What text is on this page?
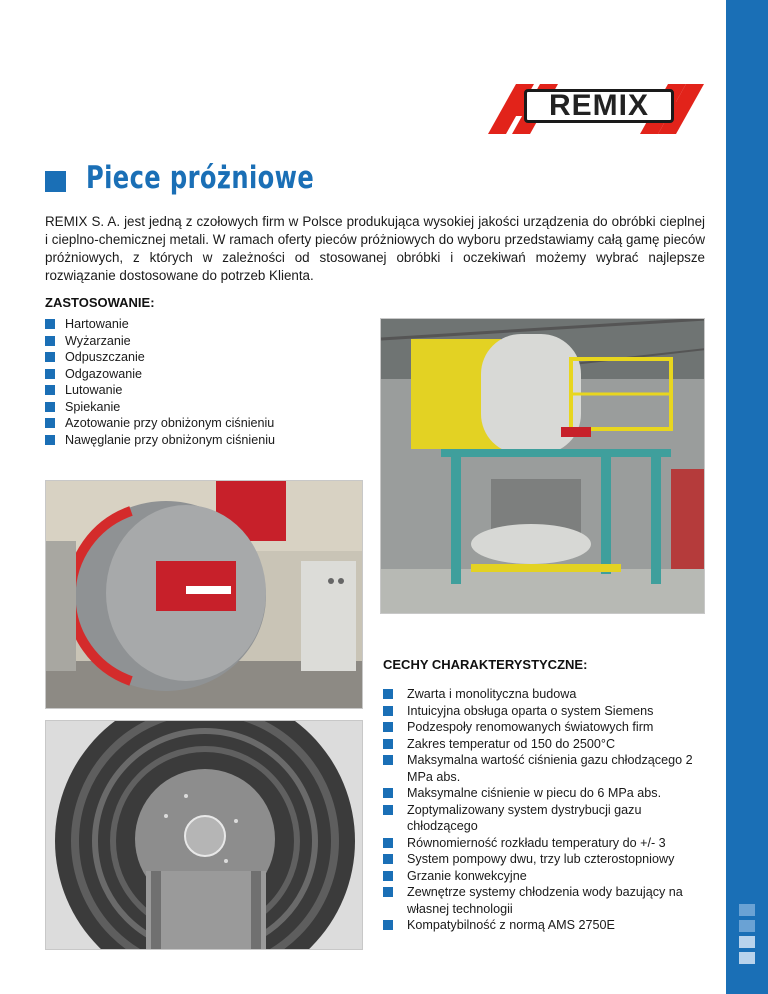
REMIX
Piece próżniowe
REMIX S. A. jest jedną z czołowych firm w Polsce produkująca wysokiej jakości urządzenia do obróbki cieplnej i cieplno-chemicznej metali. W ramach oferty pieców próżniowych do wyboru przedstawiamy całą gamę pieców próżniowych, z których w zależności od stosowanej obróbki i oczekiwań możemy wybrać najlepsze rozwiązanie dostosowane do potrzeb Klienta.
ZASTOSOWANIE:
Hartowanie
Wyżarzanie
Odpuszczanie
Odgazowanie
Lutowanie
Spiekanie
Azotowanie przy obniżonym ciśnieniu
Nawęglanie przy obniżonym ciśnieniu
CECHY CHARAKTERYSTYCZNE:
Zwarta i monolityczna budowa
Intuicyjna obsługa oparta o system Siemens
Podzespoły renomowanych światowych firm
Zakres temperatur od 150 do 2500°C
Maksymalna wartość ciśnienia gazu chłodzącego 2 MPa abs.
Maksymalne ciśnienie w piecu do 6 MPa abs.
Zoptymalizowany system dystrybucji gazu chłodzącego
Równomierność rozkładu temperatury do +/- 3
System pompowy dwu, trzy lub czterostopniowy
Grzanie konwekcyjne
Zewnętrze systemy chłodzenia wody bazujący na własnej technologii
Kompatybilność z normą AMS 2750E
